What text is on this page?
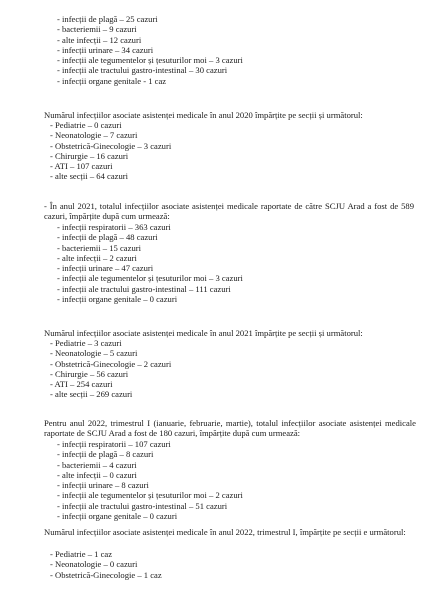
- infecții de plagă – 25 cazuri
- bacteriemii – 9 cazuri
- alte infecții – 12 cazuri
- infecții urinare – 34 cazuri
- infecții ale tegumentelor și țesuturilor moi – 3 cazuri
- infecții ale tractului gastro-intestinal – 30 cazuri
- infecții organe genitale - 1 caz

Numărul infecțiilor asociate asistenței medicale în anul 2020 împărțite pe secții și următorul:

- Pediatrie – 0 cazuri
- Neonatologie – 7 cazuri
- Obstetrică-Ginecologie – 3 cazuri
- Chirurgie – 16 cazuri
- ATI – 107 cazuri
- alte secții – 64 cazuri

- În anul 2021, totalul infecțiilor asociate asistenței medicale raportate de către SCJU Arad a fost de 589 cazuri, împărțite după cum urmează:

- infecții respiratorii – 363 cazuri
- infecții de plagă – 48 cazuri
- bacteriemii – 15 cazuri
- alte infecții – 2 cazuri
- infecții urinare – 47 cazuri
- infecții ale tegumentelor și țesuturilor moi – 3 cazuri
- infecții ale tractului gastro-intestinal – 111 cazuri
- infecții organe genitale – 0 cazuri

Numărul infecțiilor asociate asistenței medicale în anul 2021 împărțite pe secții și următorul:

- Pediatrie – 3 cazuri
- Neonatologie – 5 cazuri
- Obstetrică-Ginecologie – 2 cazuri
- Chirurgie – 56 cazuri
- ATI – 254 cazuri
- alte secții – 269 cazuri

Pentru anul 2022, trimestrul I (ianuarie, februarie, martie), totalul infecțiilor asociate asistenței medicale raportate de SCJU Arad a fost de 180 cazuri, împărțite după cum urmează:

- infecții respiratorii – 107 cazuri
- infecții de plagă – 8 cazuri
- bacteriemii – 4 cazuri
- alte infecții – 0 cazuri
- infecții urinare – 8 cazuri
- infecții ale tegumentelor și țesuturilor moi – 2 cazuri
- infecții ale tractului gastro-intestinal – 51 cazuri
- infecții organe genitale – 0 cazuri

Numărul infecțiilor asociate asistenței medicale în anul 2022, trimestrul I, împărțite pe secții e următorul:

- Pediatrie – 1 caz
- Neonatologie – 0 cazuri
- Obstetrică-Ginecologie – 1 caz
